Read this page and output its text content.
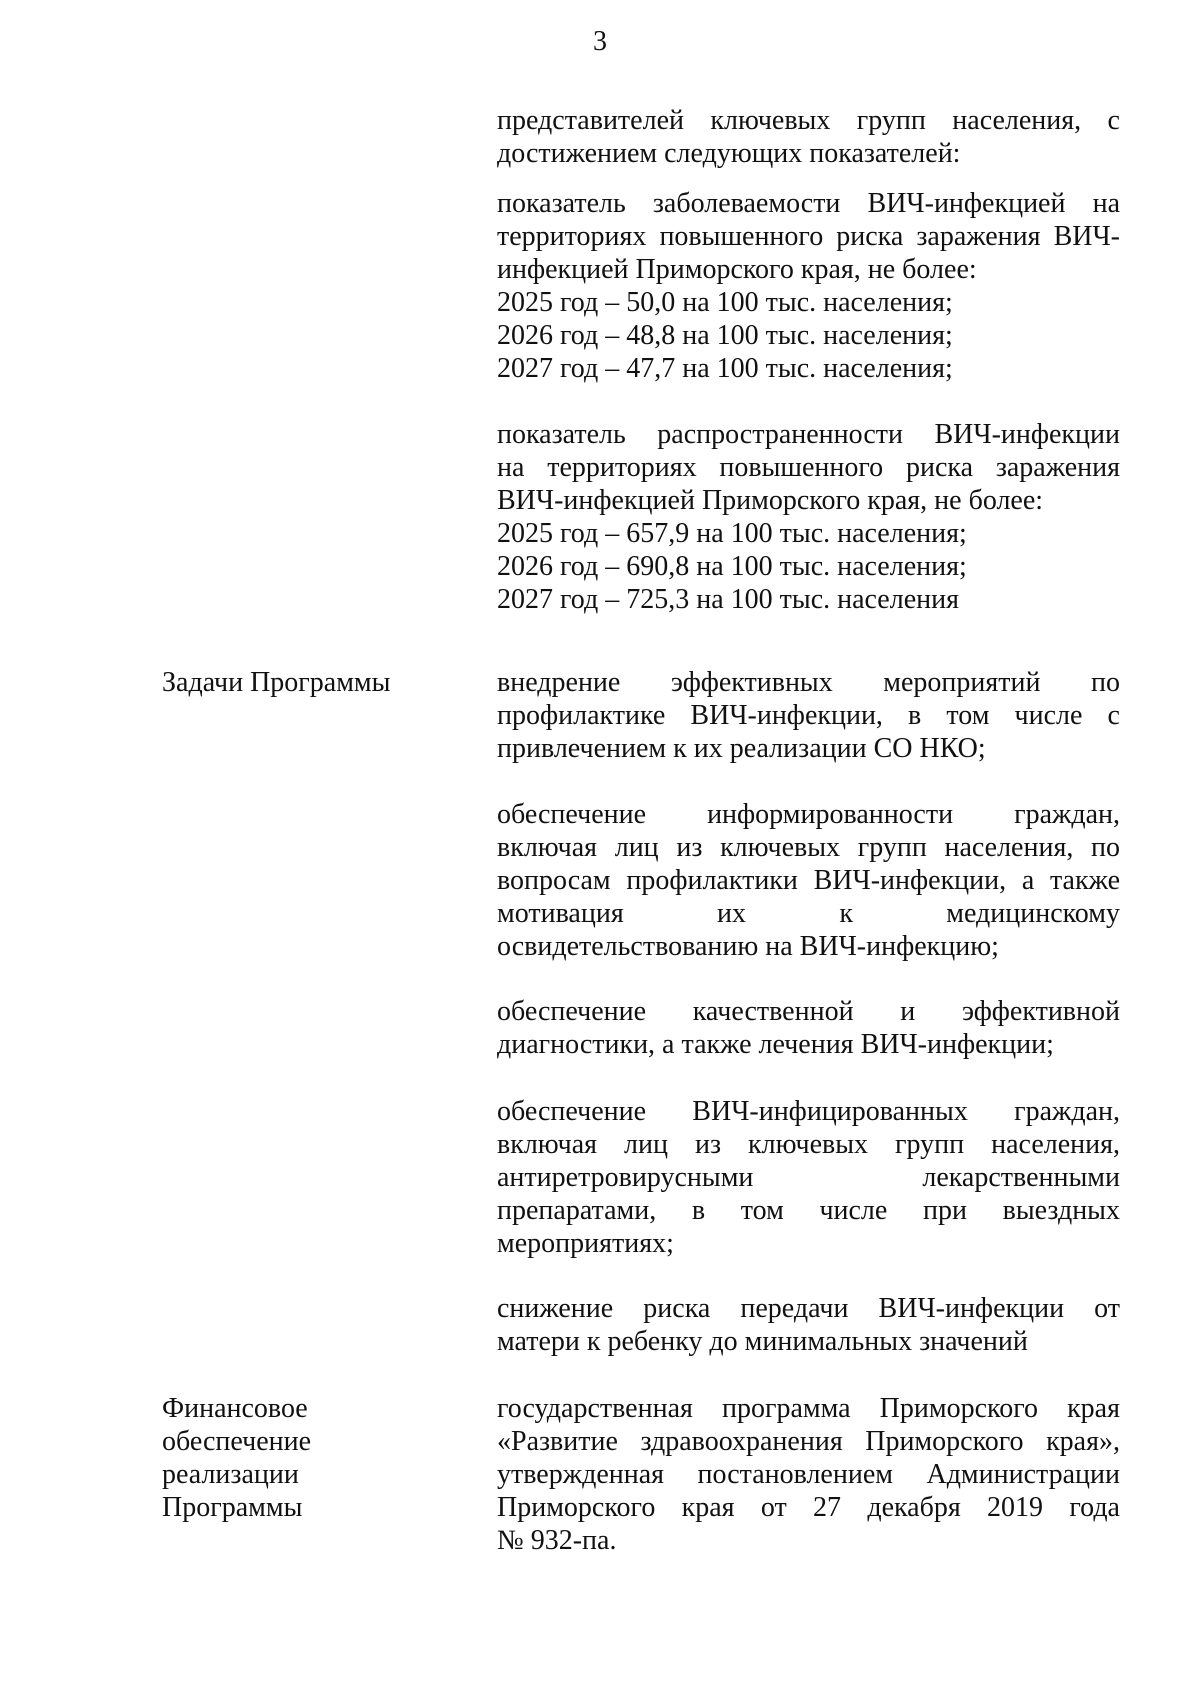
3
представителей ключевых групп населения, с
достижением следующих показателей:
показатель заболеваемости ВИЧ-инфекцией на
территориях повышенного риска заражения ВИЧ-
инфекцией Приморского края, не более:
2025 год – 50,0 на 100 тыс. населения;
2026 год – 48,8 на 100 тыс. населения;
2027 год – 47,7 на 100 тыс. населения;
показатель распространенности ВИЧ-инфекции
на территориях повышенного риска заражения
ВИЧ-инфекцией Приморского края, не более:
2025 год – 657,9 на 100 тыс. населения;
2026 год – 690,8 на 100 тыс. населения;
2027 год – 725,3 на 100 тыс. населения
Задачи Программы	внедрение эффективных мероприятий по
профилактике ВИЧ-инфекции, в том числе с
привлечением к их реализации СО НКО;
обеспечение информированности граждан,
включая лиц из ключевых групп населения, по
вопросам профилактики ВИЧ-инфекции, а также
мотивация их к медицинскому
освидетельствованию на ВИЧ-инфекцию;
обеспечение качественной и эффективной
диагностики, а также лечения ВИЧ-инфекции;
обеспечение ВИЧ-инфицированных граждан,
включая лиц из ключевых групп населения,
антиретровирусными лекарственными
препаратами, в том числе при выездных
мероприятиях;
снижение риска передачи ВИЧ-инфекции от
матери к ребенку до минимальных значений
Финансовое
обеспечение
реализации
Программы
государственная программа Приморского края
«Развитие здравоохранения Приморского края»,
утвержденная постановлением Администрации
Приморского края от 27 декабря 2019 года
№ 932-па.
